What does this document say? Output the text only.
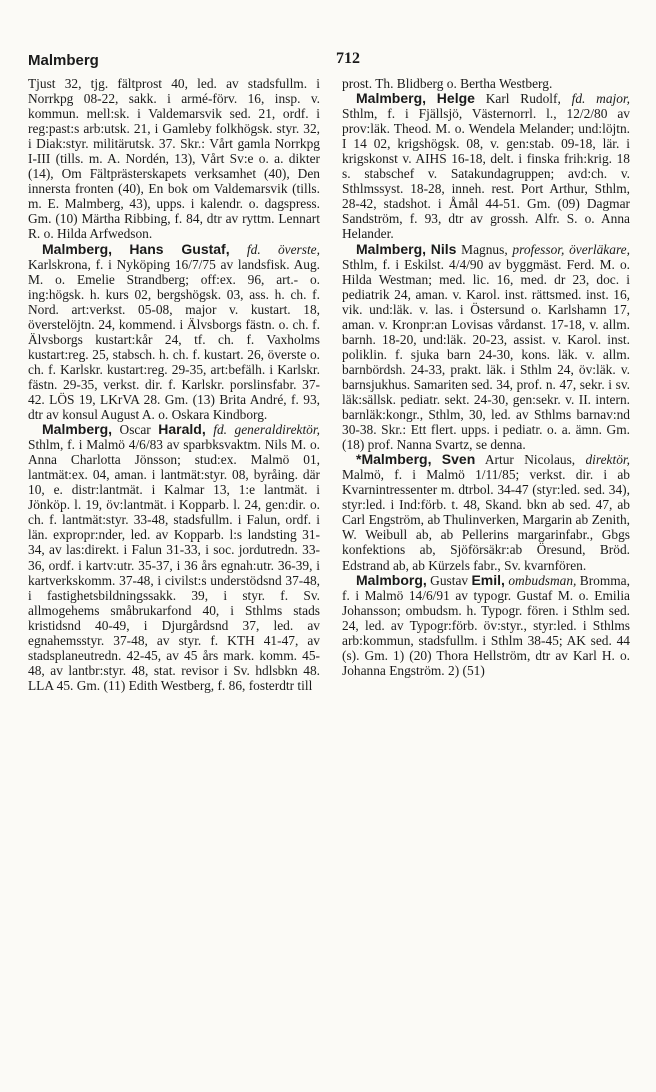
Malmberg	712

Tjust 32, tjg. fältprost 40, led. av stadsfullm. i Norrkpg 08-22, sakk. i armé-förv. 16, insp. v. kommun. mell:sk. i Valdemarsvik sed. 21, ordf. i reg:past:s arb:utsk. 21, i Gamleby folkhögsk. styr. 32, i Diak:styr. militärutsk. 37. Skr.: Vårt gamla Norrkpg I-III (tills. m. A. Nordén, 13), Vårt Sv:e o. a. dikter (14), Om Fältprästerskapets verksamhet (40), Den innersta fronten (40), En bok om Valdemarsvik (tills. m. E. Malmberg, 43), upps. i kalendr. o. dagspress. Gm. (10) Märtha Ribbing, f. 84, dtr av ryttm. Lennart R. o. Hilda Arfwedson.

Malmberg, Hans Gustaf, fd. överste, Karlskrona, f. i Nyköping 16/7/75 av landsfisk. Aug. M. o. Emelie Strandberg; off:ex. 96, art.- o. ing:högsk. h. kurs 02, bergshögsk. 03, ass. h. ch. f. Nord. art:verkst. 05-08, major v. kustart. 18, överstelöjtn. 24, kommend. i Älvsborgs fästn. o. ch. f. Älvsborgs kustart:kår 24, tf. ch. f. Vaxholms kustart:reg. 25, stabsch. h. ch. f. kustart. 26, överste o. ch. f. Karlskr. kustart:reg. 29-35, art:befälh. i Karlskr. fästn. 29-35, verkst. dir. f. Karlskr. porslinsfabr. 37-42. LÖS 19, LKrVA 28. Gm. (13) Brita André, f. 93, dtr av konsul August A. o. Oskara Kindborg.

Malmberg, Oscar Harald, fd. generaldirektör, Sthlm, f. i Malmö 4/6/83 av sparbksvaktm. Nils M. o. Anna Charlotta Jönsson; stud:ex. Malmö 01, lantmät:ex. 04, aman. i lantmät:styr. 08, byråing. där 10, e. distr:lantmät. i Kalmar 13, 1:e lantmät. i Jönköp. l. 19, öv:lantmät. i Kopparb. l. 24, gen:dir. o. ch. f. lantmät:styr. 33-48, stadsfullm. i Falun, ordf. i län. expropr:nder, led. av Kopparb. l:s landsting 31-34, av las:direkt. i Falun 31-33, i soc. jordutredn. 33-36, ordf. i kartv:utr. 35-37, i 36 års egnah:utr. 36-39, i kartverkskomm. 37-48, i civilst:s understödsnd 37-48, i fastighetsbildningssakk. 39, i styr. f. Sv. allmogehems småbrukarfond 40, i Sthlms stads kristidsnd 40-49, i Djurgårdsnd 37, led. av egnahemsstyr. 37-48, av styr. f. KTH 41-47, av stadsplaneutredn. 42-45, av 45 års mark. komm. 45-48, av lantbr:styr. 48, stat. revisor i Sv. hdlsbkn 48. LLA 45. Gm. (11) Edith Westberg, f. 86, fosterdtr till

prost. Th. Blidberg o. Bertha Westberg.

Malmberg, Helge Karl Rudolf, fd. major, Sthlm, f. i Fjällsjö, Västernorrl. l., 12/2/80 av prov:läk. Theod. M. o. Wendela Melander; und:löjtn. I 14 02, krigshögsk. 08, v. gen:stab. 09-18, lär. i krigskonst v. AIHS 16-18, delt. i finska frih:krig. 18 s. stabschef v. Satakundagruppen; avd:ch. v. Sthlmssyst. 18-28, inneh. rest. Port Arthur, Sthlm, 28-42, stadshot. i Åmål 44-51. Gm. (09) Dagmar Sandström, f. 93, dtr av grossh. Alfr. S. o. Anna Helander.

Malmberg, Nils Magnus, professor, överläkare, Sthlm, f. i Eskilst. 4/4/90 av byggmäst. Ferd. M. o. Hilda Westman; med. lic. 16, med. dr 23, doc. i pediatrik 24, aman. v. Karol. inst. rättsmed. inst. 16, vik. und:läk. v. las. i Östersund o. Karlshamn 17, aman. v. Kronpr:an Lovisas vårdanst. 17-18, v. allm. barnh. 18-20, und:läk. 20-23, assist. v. Karol. inst. poliklin. f. sjuka barn 24-30, kons. läk. v. allm. barnbördsh. 24-33, prakt. läk. i Sthlm 24, öv:läk. v. barnsjukhus. Samariten sed. 34, prof. n. 47, sekr. i sv. läk:sällsk. pediatr. sekt. 24-30, gen:sekr. v. II. intern. barnläk:kongr., Sthlm, 30, led. av Sthlms barnav:nd 30-38. Skr.: Ett flert. upps. i pediatr. o. a. ämn. Gm. (18) prof. Nanna Svartz, se denna.

*Malmberg, Sven Artur Nicolaus, direktör, Malmö, f. i Malmö 1/11/85; verkst. dir. i ab Kvarnintressenter m. dtrbol. 34-47 (styr:led. sed. 34), styr:led. i Ind:förb. t. 48, Skand. bkn ab sed. 47, ab Carl Engström, ab Thulinverken, Margarin ab Zenith, W. Weibull ab, ab Pellerins margarinfabr., Gbgs konfektions ab, Sjöförsäkr:ab Öresund, Bröd. Edstrand ab, ab Kürzels fabr., Sv. kvarnfören.

Malmborg, Gustav Emil, ombudsman, Bromma, f. i Malmö 14/6/91 av typogr. Gustaf M. o. Emilia Johansson; ombudsm. h. Typogr. fören. i Sthlm sed. 24, led. av Typogr:förb. öv:styr., styr:led. i Sthlms arb:kommun, stadsfullm. i Sthlm 38-45; AK sed. 44 (s). Gm. 1) (20) Thora Hellström, dtr av Karl H. o. Johanna Engström. 2) (51)
